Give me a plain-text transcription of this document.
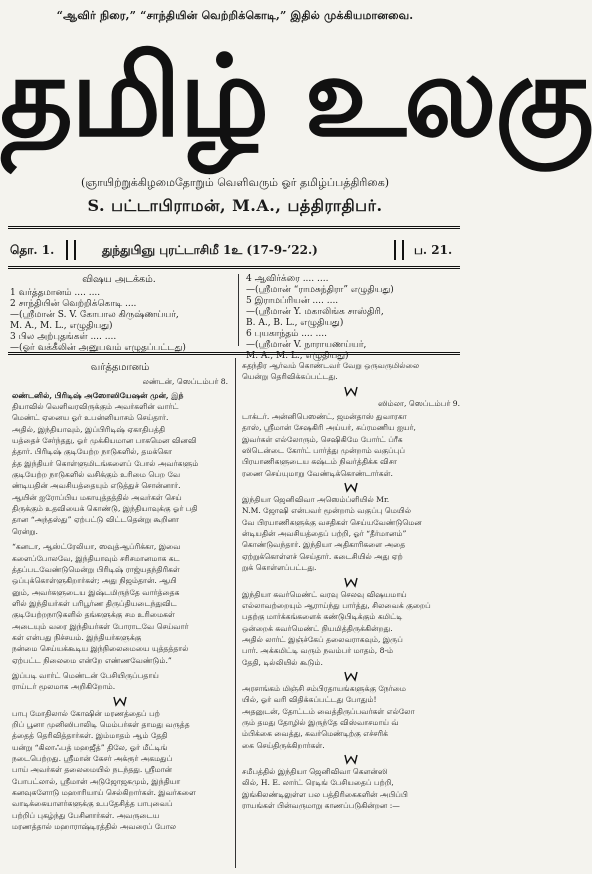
“ஆவிர் நிரை,” “சாந்தியின் வெற்றிக்கொடி,” இதில் முக்கியமானவை.
தமிழ் உலகு
(ஞாயிற்றுக்கிழமைதோறும் வெளிவரும் ஓர் தமிழ்ப்பத்திரிகை)
S. பட்டாபிராமன், M.A., பத்திராதிபர்.
தொ. 1.	துந்துபிஞு புரட்டாசிமீ 1உ (17-9-’22.)	ப. 21.
விஷய அடக்கம்.
1 வர்த்தமானம் .... ....
2 சாந்தியின் வெற்றிக்கொடி ....
—(ஸ்ரீமான் S. V. கோபால கிருஷ்ணய்யர்,
M. A., M. L., எழுதியது)
3 பில அற்புதங்கள் .... ....
—(ஓர் வக்கீலின் அனுபவம் எழுதப்பட்டது)
4 ஆவிர்க்ரை .... ....
—(ஸ்ரீமான் “ராமசுந்திரா” எழுதியது)
5 இராமப்ரியன் .... ....
—(ஸ்ரீமான் Y. மகாலிங்க சாஸ்திரி,
B. A., B. L., எழுதியது)
6 புயகாந்தம் .... ....
—(ஸ்ரீமான் V. நாராயணய்யர்,
M. A., M. L., எழுதியது)
வர்த்தமானம்
லண்டன், ஸெப்டம்பர் 8.
லண்டனில், பிரிடிஷ் அஸோஸியேஷன் முன், இந்
தியாவில் வெளிவரவிருக்கும் அவர்களின் வார்ட்
மெண்ட் ஏனைய ஓர் உபன்னியாசம் செய்தார்.
அதில், இந்தியாவும், இப்பிரிடிஷ் ஏகாதிபத்தி
யத்தைச் சேர்ந்தது, ஓர் முக்கியமான பாகமென வினவி
த்தார். பிரிடிஷ் குடியேற்ற நாடுகளில், தமக்கொ
த்த இந்தியர் கொள்ளுமிடங்களைப் போல் அவர்களும்
குடியேற்ற நாடுகளில் வசிக்கும் உரிமை பெற வே
ண்டியதின் அவசியத்தையும் எடுத்துச் சொன்னார்.
ஆயின் ஐரோப்பிய மகாயுத்தத்தில் அவர்கள் செய்
திருக்கும் உதவியைக் கொண்டு, இந்தியாவுக்கு ஓர் பதி
தான “அந்தஸ்து” ஏற்பட்டு விட்டதென்று கூறினா
ரென்று.
“கனடா, ஆஸ்ட்ரேலியா, ஸவுத்ஆப்ரிக்கா, இவை
களைப்போலவே, இந்தியாவும் சரிசமானமாக கட
த்தப்படவேண்டுமென்று பிரிடிஷ் ராஜ்யதந்திரிகள்
ஒப்புக்கொள்ளுகிறார்கள்; அது நிஜம்தான். ஆயி
னும், அவர்களுடைய இஷ்டமிருந்தே வார்த்தைக
ளில் இந்தியர்கள் பரிபூர்ண திருப்தியடைந்துவிட
குடியேற்றநாடுகளில் தங்களுக்கு சம உரிமைகள்
அடையும் வரை இந்தியர்கள் போராடவே செய்வார்
கள் என்பது நிச்சயம். இந்தியர்களுக்கு
நன்மை செய்யக்கூடிய இந்நிலைமையை யுத்தத்தால்
ஏற்பட்ட நிலைமை என்றே எண்ணவேண்டும்.”
இப்படி வார்ட் மெண்டன் பேசியிருப்பதாய்
ராய்டர் மூலமாக அறிகிறோம்.
பாபு மோதிலால் கோஷின் மரணத்தைப் பற்
றிப் பூனா முனிஸிபாலிடி மெம்பர்கள் தாமது வருத்த
த்தைத் தெரிவித்தார்கள். இம்மாதம் ஆம் தேதி
யன்று “கிலாஃபத் மஹஜீத்” திலே, ஓர் மீட்டிங்
நடைபெற்றது. ஸ்ரீமான் கேசர் அக்ரூர் அகமதுப்
பாய் அவர்கள் தலைமையில் நடந்தது. ஸ்ரீமான்
போபட்லால், ஸ்ரீமான் அடுஜோஜகமும், இந்தியா
கனவுகளோடு மஹாரியாய் செல்கிறார்கள். இவர்களை
வாடிக்கையாளர்களுக்கு உபதேசித்த பாபுவைப்
பற்றிப் புகழ்ந்து பேசினார்கள். அவருடைய
மரணத்தால் மஹாராஷ்டிரத்தில் அவரைப் போல
சுதந்திர ஆர்வம் கொண்டவர் வேறு ஒருவருமில்லை
யென்று தெரிவிக்கப்பட்டது.
ஸிம்லா, ஸெப்டம்பர் 9.
டாக்டர். அன்னிபெஸண்ட், ஜமன்தாஸ் துவாரகா
தாஸ், ஸ்ரீமான் சேஷகிரி அய்யர், சுப்ரமணிய ஐயர்,
இவர்கள் எல்லோரும், செஷிகிமே போர்ட் ப்ரீக
ஸிடென்டை கோர்ட் பார்த்து முன்றாம் வகுப்புப்
பிரயாணிகளுடைய கஷ்டம் நிவர்த்திக்க விசா
ரணை செய்யுமாறு வேண்டிக்கொண்டார்கள்.
இந்தியா ஜெனிவிவா அஸெம்ப்ளியில் Mr.
N.M. ஜோஷி என்பவர் மூன்றாம் வகுப்பு மெயில்
வே பிரயாணிகளுக்கு வசதிகள் செய்யவேண்டுமென
ன்டியதின் அவசியத்தைப் பற்றி, ஓர் “தீர்மானம்”
கொண்டுவந்தார். இந்தியா அதிகாரிகளை அதை
ஏற்றுக்கொள்ளச் செய்தார். கடைசியில் அது ஏற்
றுக் கொள்ளப்பட்டது.
இந்தியா கவர்மெண்ட் வரவு செலவு விஷயமாய்
எல்லாவற்றையும் ஆராய்ந்து பார்த்து, சிலவைக் குறைப்
பதற்கு மார்க்கங்களைக் கண்டுபிடிக்கும் கமிட்டி
ஒன்றைக் கவர்மெண்ட் நியமித்திருக்கின்றது.
அதில் லார்ட் இஞ்ச்கேப் தலைவராகவும், இருப்
பார். அக்கமிட்டி வரும் நவம்பர் மாதம், 8-ம்
தேதி, டில்லியில் கூடும்.
அரசாங்கம் மிஞ்சி சம்பிரதாயங்களுக்கு நேர்மை
யில், ஓர் வரி விதிக்கப்பட்டது போதும்!
அதனுடன், தோட்டம் வைத்திருப்பவர்கள் எல்லோ
ரும் தமது தோழில் இருந்தே விஸ்வாசமாய் வ்
ம்பிக்கை வைத்து, கவர்மெண்டிற்கு எச்சரிக்
கை செய்திருக்கிறார்கள்.
சமீபத்தில் இந்தியா ஜெனிவிவா கௌன்ஸி
லில், H. E. லார்ட் ரெடிங் பேசியதைப் பற்றி,
இங்கிலண்டிலுள்ள பல பத்திரிகைகளின் அபிப்பி
ராயங்கள் பின்வருமாறு காணப்படுகின்றன :—
